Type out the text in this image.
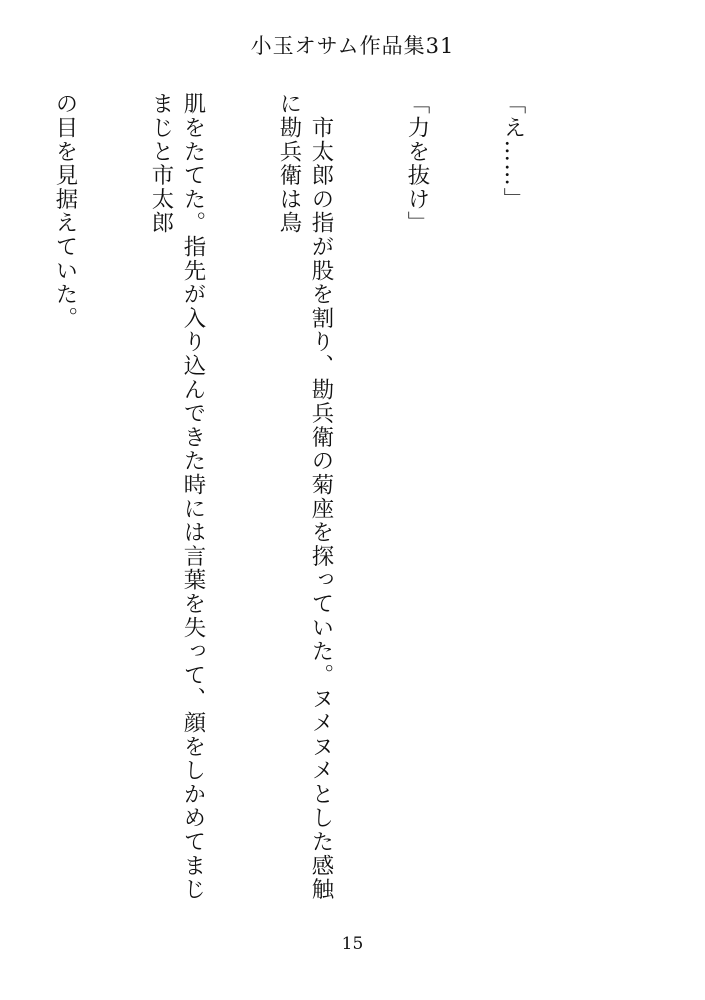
小玉オサム作品集31

「え……」

「力を抜け」

　市太郎の指が股を割り、勘兵衛の菊座を探っていた。ヌメヌメとした感触に勘兵衛は鳥

肌をたてた。指先が入り込んできた時には言葉を失って、顔をしかめてまじまじと市太郎

の目を見据えていた。

15
